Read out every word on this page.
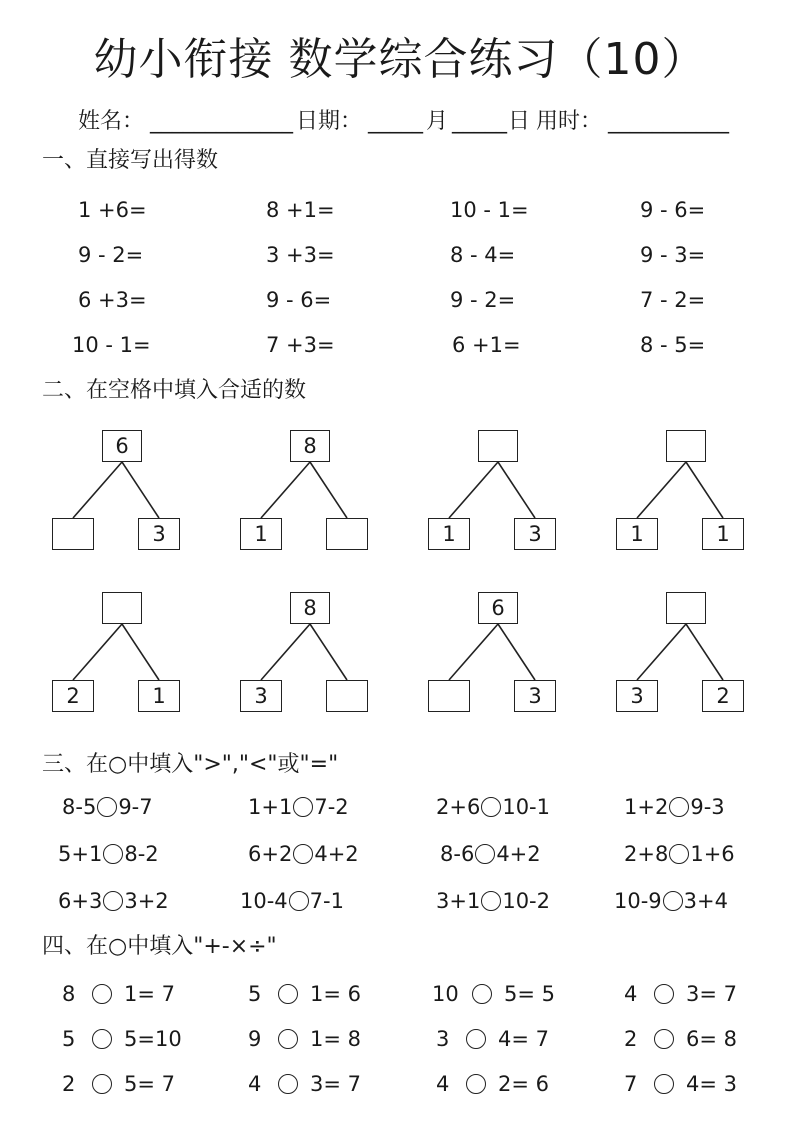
幼小衔接 数学综合练习（10）
姓名： _____________ 日期： _____ 月 _____ 日 用时： ___________
一、直接写出得数
1 +6=	8 +1=	10 - 1=	9 - 6=
9 - 2=	3 +3=	8 - 4=	9 - 3=
6 +3=	9 - 6=	9 - 2=	7 - 2=
10 - 1=	7 +3=	6 +1=	8 - 5=
二、在空格中填入合适的数
6
3
8
1	1	3	1	1
2	1
8
3
6
3	3	2
三、在○中填入">","<"或"="
8-5 9-7	1+1 7-2	2+6 10-1	1+2 9-3
5+1 8-2	6+2 4+2	8-6 4+2	2+8 1+6
6+3 3+2	10-4 7-1	3+1 10-2	10-9 3+4
四、在○中填入"+-×÷"
8 1= 7	5 1= 6	10 5= 5	4 3= 7
5 5=10	9 1= 8	3 4= 7	2 6= 8
2 5= 7	4 3= 7	4 2= 6	7 4= 3
